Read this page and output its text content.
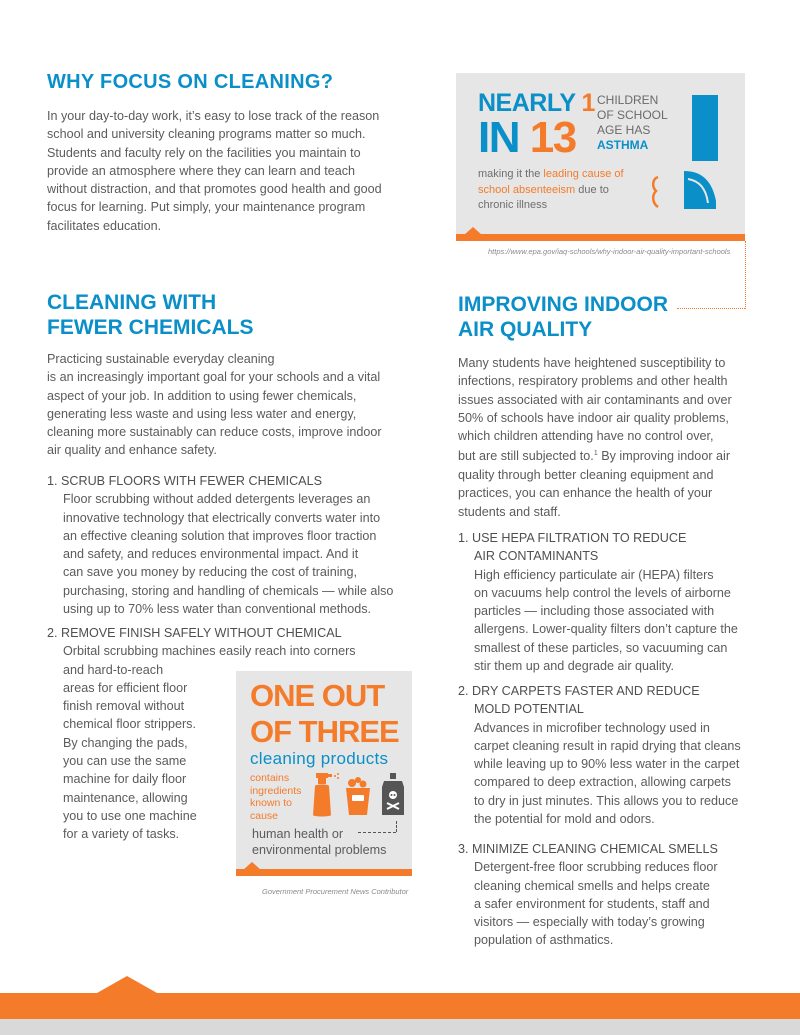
WHY FOCUS ON CLEANING?
In your day-to-day work, it’s easy to lose track of the reason
school and university cleaning programs matter so much.
Students and faculty rely on the facilities you maintain to
provide an atmosphere where they can learn and teach
without distraction, and that promotes good health and good
focus for learning. Put simply, your maintenance program
facilitates education.
NEARLY 1
IN 13
CHILDREN
OF SCHOOL
AGE HAS
ASTHMA
making it the leading cause of school absenteeism due to chronic illness
https://www.epa.gov/iaq-schools/why-indoor-air-quality-important-schools
CLEANING WITH
FEWER CHEMICALS
Practicing sustainable everyday cleaning
is an increasingly important goal for your schools and a vital
aspect of your job. In addition to using fewer chemicals,
generating less waste and using less water and energy,
cleaning more sustainably can reduce costs, improve indoor
air quality and enhance safety.
1. SCRUB FLOORS WITH FEWER CHEMICALS
Floor scrubbing without added detergents leverages an
innovative technology that electrically converts water into
an effective cleaning solution that improves floor traction
and safety, and reduces environmental impact. And it
can save you money by reducing the cost of training,
purchasing, storing and handling of chemicals — while also
using up to 70% less water than conventional methods.
2. REMOVE FINISH SAFELY WITHOUT CHEMICAL
Orbital scrubbing machines easily reach into corners
and hard-to-reach
areas for efficient floor
finish removal without
chemical floor strippers.
By changing the pads,
you can use the same
machine for daily floor
maintenance, allowing
you to use one machine
for a variety of tasks.
ONE OUT
OF THREE
cleaning products
contains
ingredients
known to
cause
human health or
environmental problems
Government Procurement News Contributor
IMPROVING INDOOR
AIR QUALITY
Many students have heightened susceptibility to
infections, respiratory problems and other health
issues associated with air contaminants and over
50% of schools have indoor air quality problems,
which children attending have no control over,
but are still subjected to.$^1$ By improving indoor air
quality through better cleaning equipment and
practices, you can enhance the health of your
students and staff.
1. USE HEPA FILTRATION TO REDUCE
AIR CONTAMINANTS
High efficiency particulate air (HEPA) filters
on vacuums help control the levels of airborne
particles — including those associated with
allergens. Lower-quality filters don’t capture the
smallest of these particles, so vacuuming can
stir them up and degrade air quality.
2. DRY CARPETS FASTER AND REDUCE
MOLD POTENTIAL
Advances in microfiber technology used in
carpet cleaning result in rapid drying that cleans
while leaving up to 90% less water in the carpet
compared to deep extraction, allowing carpets
to dry in just minutes. This allows you to reduce
the potential for mold and odors.
3. MINIMIZE CLEANING CHEMICAL SMELLS
Detergent-free floor scrubbing reduces floor
cleaning chemical smells and helps create
a safer environment for students, staff and
visitors — especially with today’s growing
population of asthmatics.
